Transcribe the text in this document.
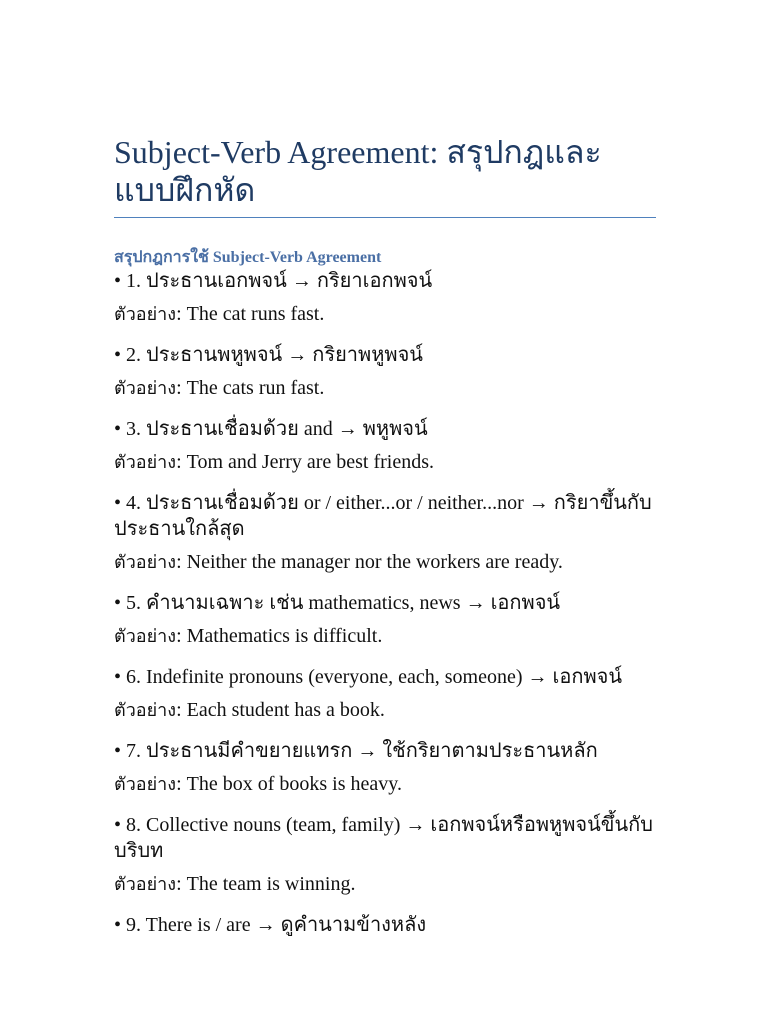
Subject-Verb Agreement: สรุปกฎและแบบฝึกหัด
สรุปกฎการใช้ Subject-Verb Agreement
• 1. ประธานเอกพจน์ → กริยาเอกพจน์
ตัวอย่าง: The cat runs fast.
• 2. ประธานพหูพจน์ → กริยาพหูพจน์
ตัวอย่าง: The cats run fast.
• 3. ประธานเชื่อมด้วย and → พหูพจน์
ตัวอย่าง: Tom and Jerry are best friends.
• 4. ประธานเชื่อมด้วย or / either...or / neither...nor → กริยาขึ้นกับประธานใกล้สุด
ตัวอย่าง: Neither the manager nor the workers are ready.
• 5. คำนามเฉพาะ เช่น mathematics, news → เอกพจน์
ตัวอย่าง: Mathematics is difficult.
• 6. Indefinite pronouns (everyone, each, someone) → เอกพจน์
ตัวอย่าง: Each student has a book.
• 7. ประธานมีคำขยายแทรก → ใช้กริยาตามประธานหลัก
ตัวอย่าง: The box of books is heavy.
• 8. Collective nouns (team, family) → เอกพจน์หรือพหูพจน์ขึ้นกับบริบท
ตัวอย่าง: The team is winning.
• 9. There is / are → ดูคำนามข้างหลัง
